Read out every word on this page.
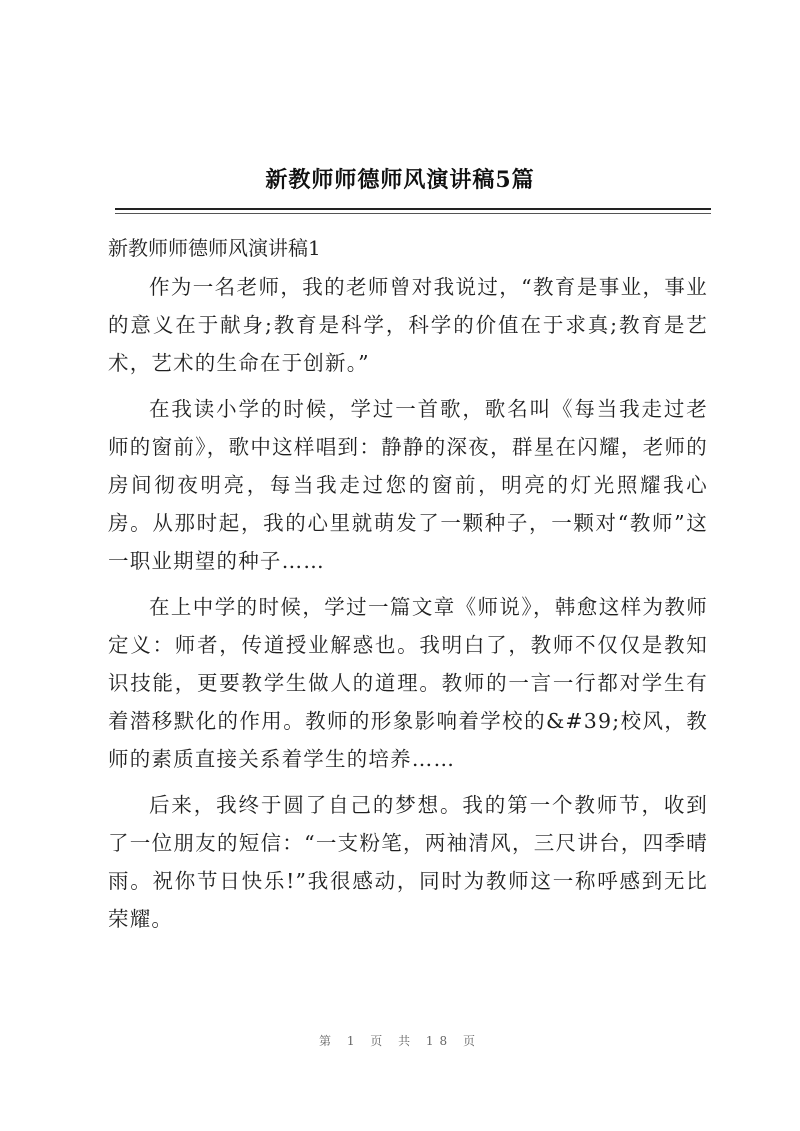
新教师师德师风演讲稿5篇
新教师师德师风演讲稿1

作为一名老师，我的老师曾对我说过，“教育是事业，事业的意义在于献身;教育是科学，科学的价值在于求真;教育是艺术，艺术的生命在于创新。”

在我读小学的时候，学过一首歌，歌名叫《每当我走过老师的窗前》，歌中这样唱到：静静的深夜，群星在闪耀，老师的房间彻夜明亮，每当我走过您的窗前，明亮的灯光照耀我心房。从那时起，我的心里就萌发了一颗种子，一颗对“教师”这一职业期望的种子……

在上中学的时候，学过一篇文章《师说》，韩愈这样为教师定义：师者，传道授业解惑也。我明白了，教师不仅仅是教知识技能，更要教学生做人的道理。教师的一言一行都对学生有着潜移默化的作用。教师的形象影响着学校的&#39;校风，教师的素质直接关系着学生的培养……

后来，我终于圆了自己的梦想。我的第一个教师节，收到了一位朋友的短信：“一支粉笔，两袖清风，三尺讲台，四季晴雨。祝你节日快乐!”我很感动，同时为教师这一称呼感到无比荣耀。

第 1 页 共 18 页
